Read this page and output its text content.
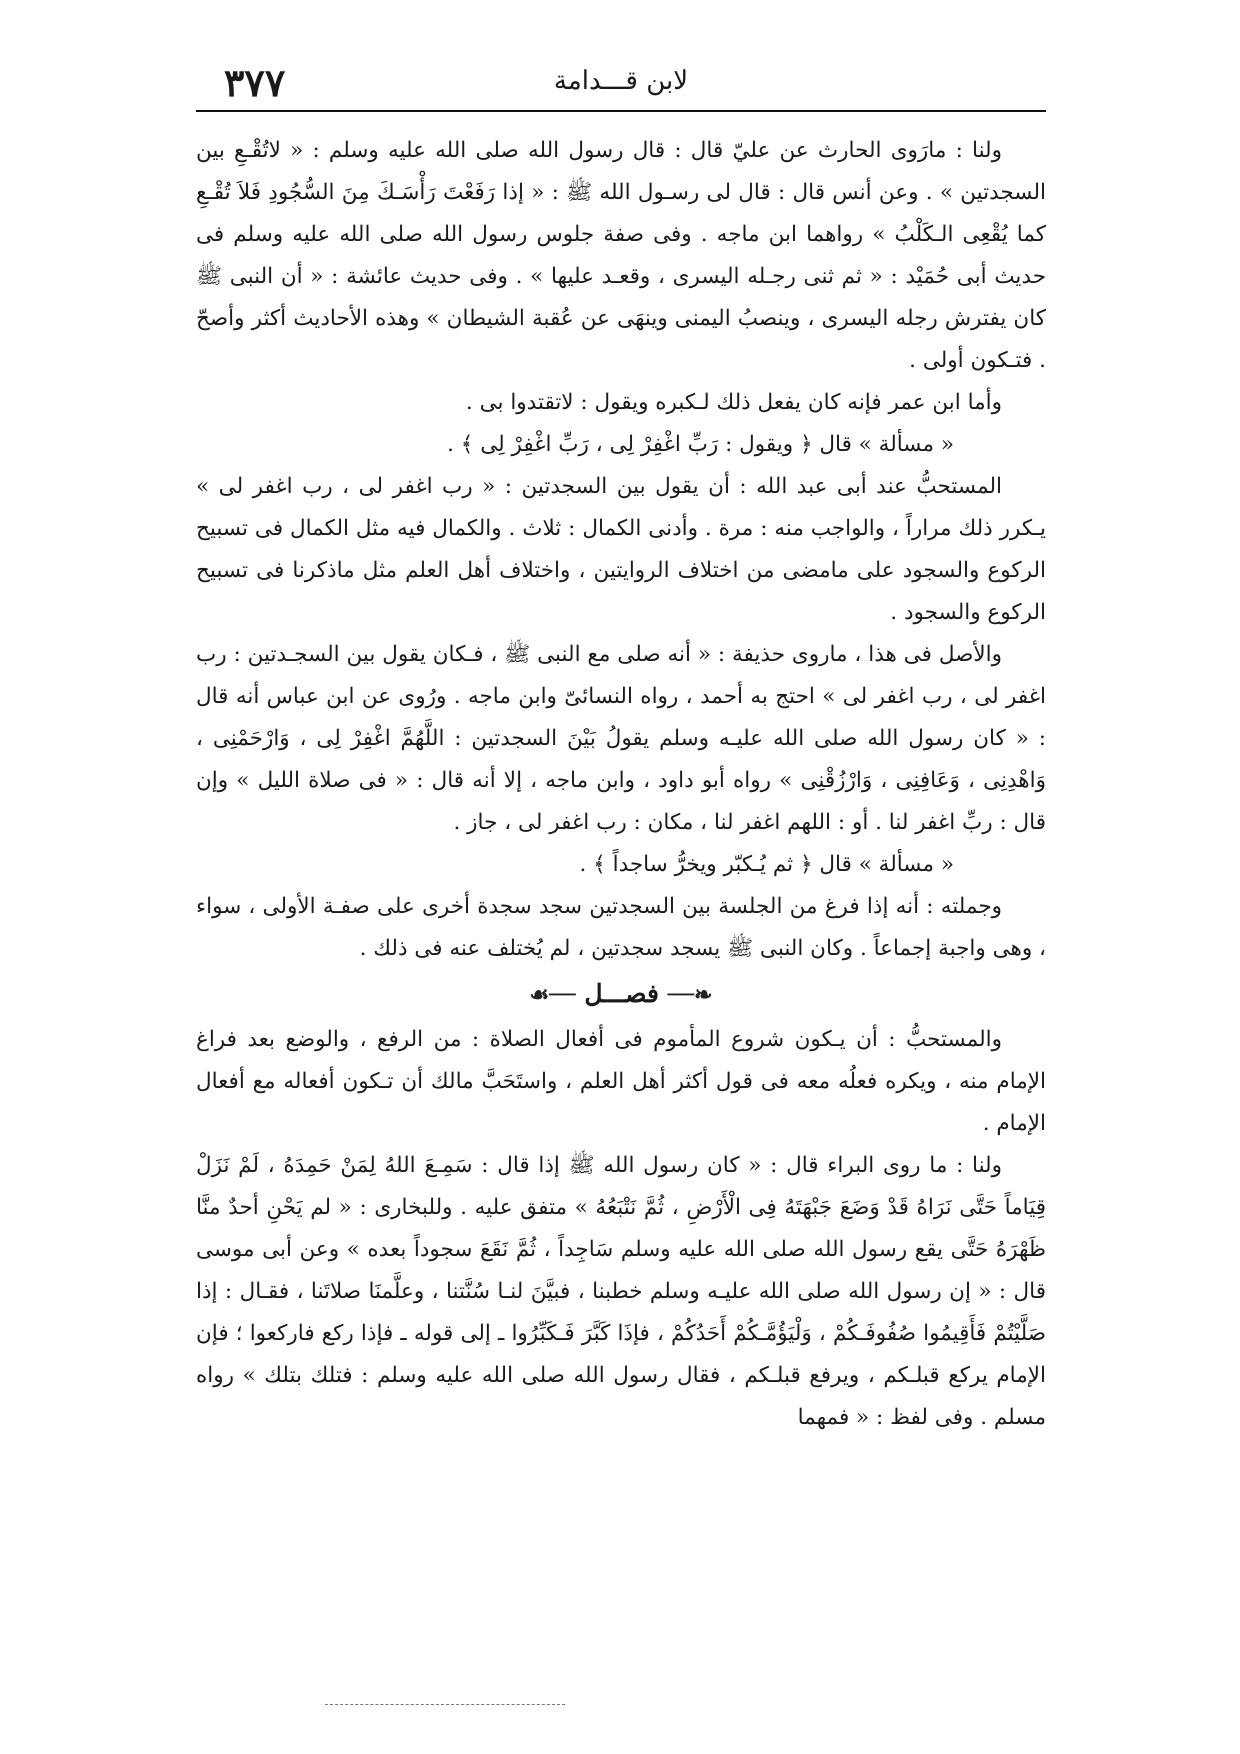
لابن قـــدامة
٣٧٧

ولنا : مارَوى الحارث عن عليّ قال : قال رسول الله صلى الله عليه وسلم : « لاتُقْـعِ بين السجدتين » . وعن أنس قال : قال لى رسـول الله ﷺ : « إذا رَفَعْتَ رَأْسَـكَ مِنَ السُّجُودِ فَلاَ تُقْـعِ كما يُقْعِى الـكَلْبُ » رواهما ابن ماجه . وفى صفة جلوس رسول الله صلى الله عليه وسلم فى حديث أبى حُمَيْد : « ثم ثنى رجـله اليسرى ، وقعـد عليها » . وفى حديث عائشة : « أن النبى ﷺ كان يفترش رجله اليسرى ، وينصبُ اليمنى وينهَى عن عُقبة الشيطان » وهذه الأحاديث أكثر وأصحّ . فتـكون أولى .

وأما ابن عمر فإنه كان يفعل ذلك لـكبره ويقول : لاتقتدوا بى .

« مسألة » قال ﴿ ويقول : رَبِّ اغْفِرْ لِى ، رَبِّ اغْفِرْ لِى ﴾ .

المستحبُّ عند أبى عبد الله : أن يقول بين السجدتين : « رب اغفر لى ، رب اغفر لى » يـكرر ذلك مراراً ، والواجب منه : مرة . وأدنى الكمال : ثلاث . والكمال فيه مثل الكمال فى تسبيح الركوع والسجود على مامضى من اختلاف الروايتين ، واختلاف أهل العلم مثل ماذكرنا فى تسبيح الركوع والسجود .

والأصل فى هذا ، ماروى حذيفة : « أنه صلى مع النبى ﷺ ، فـكان يقول بين السجـدتين : رب اغفر لى ، رب اغفر لى » احتج به أحمد ، رواه النسائىّ وابن ماجه . ورُوى عن ابن عباس أنه قال : « كان رسول الله صلى الله عليـه وسلم يقولُ بَيْنَ السجدتين : اللَّهُمَّ اغْفِرْ لِى ، وَارْحَمْنِى ، وَاهْدِنِى ، وَعَافِنِى ، وَارْزُقْنِى » رواه أبو داود ، وابن ماجه ، إلا أنه قال : « فى صلاة الليل » وإن قال : ربِّ اغفر لنا . أو : اللهم اغفر لنا ، مكان : رب اغفر لى ، جاز .

« مسألة » قال ﴿ ثم يُـكبّر ويخرُّ ساجداً ﴾ .

وجملته : أنه إذا فرغ من الجلسة بين السجدتين سجد سجدة أخرى على صفـة الأولى ، سواء ، وهى واجبة إجماعاً . وكان النبى ﷺ يسجد سجدتين ، لم يُختلف عنه فى ذلك .

❧── فصـــل ──☙

والمستحبُّ : أن يـكون شروع المأموم فى أفعال الصلاة : من الرفع ، والوضع بعد فراغ الإمام منه ، ويكره فعلُه معه فى قول أكثر أهل العلم ، واستَحَبَّ مالك أن تـكون أفعاله مع أفعال الإمام .

ولنا : ما روى البراء قال : « كان رسول الله ﷺ إذا قال : سَمِـعَ اللهُ لِمَنْ حَمِدَهُ ، لَمْ نَزَلْ قِيَاماً حَتَّى نَرَاهُ قَدْ وَضَعَ جَبْهَتَهُ فِى الْأَرْضِ ، ثُمَّ نَتْبَعُهُ » متفق عليه . وللبخارى : « لم يَحْنِ أحدٌ منَّا ظَهْرَهُ حَتَّى يقع رسول الله صلى الله عليه وسلم سَاجِداً ، ثُمَّ نَقَعَ سجوداً بعده » وعن أبى موسى قال : « إن رسول الله صلى الله عليـه وسلم خطبنا ، فبيَّنَ لنـا سُنَّتنا ، وعلَّمنَا صلاتَنا ، فقـال : إذا صَلَّيْتُمْ فَأَقِيمُوا صُفُوفَـكُمْ ، وَلْيَؤُمَّـكُمْ أَحَدُكُمْ ، فإذَا كَبَّرَ فَـكَبِّرُوا ـ إلى قوله ـ فإذا ركع فاركعوا ؛ فإن الإمام يركع قبلـكم ، ويرفع قبلـكم ، فقال رسول الله صلى الله عليه وسلم : فتلك بتلك » رواه مسلم . وفى لفظ : « فمهما
